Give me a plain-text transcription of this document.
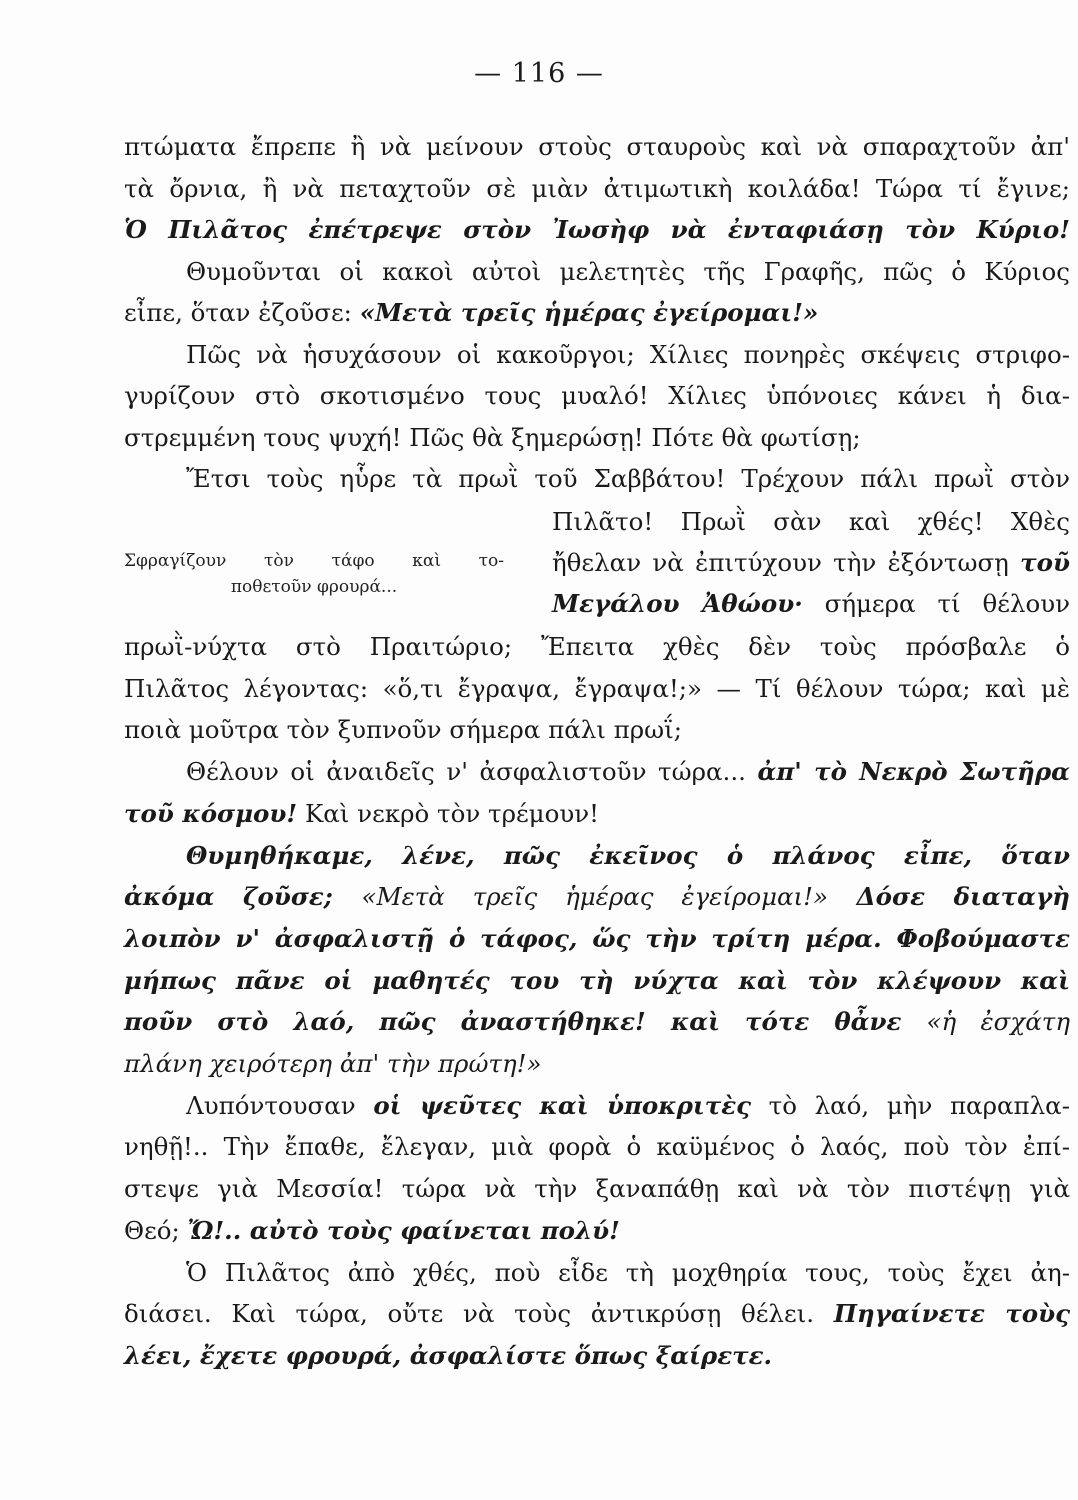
— 116 —
Σφραγίζουν τὸν τάφο καὶ το-
ποθετοῦν φρουρά...
πτώματα ἔπρεπε ἢ νὰ μείνουν στοὺς σταυροὺς καὶ νὰ σπαραχτοῦν ἀπ'
τὰ ὄρνια, ἢ νὰ πεταχτοῦν σὲ μιὰν ἀτιμωτικὴ κοιλάδα! Τώρα τί ἔγινε;
Ὁ Πιλᾶτος ἐπέτρεψε στὸν Ἰωσὴφ νὰ ἐνταφιάσῃ τὸν Κύριο!
Θυμοῦνται οἱ κακοὶ αὐτοὶ μελετητὲς τῆς Γραφῆς, πῶς ὁ Κύριος
εἶπε, ὅταν ἐζοῦσε: «Μετὰ τρεῖς ἡμέρας ἐγείρομαι!»
Πῶς νὰ ἡσυχάσουν οἱ κακοῦργοι; Χίλιες πονηρὲς σκέψεις στριφο-
γυρίζουν στὸ σκοτισμένο τους μυαλό! Χίλιες ὑπόνοιες κάνει ἡ δια-
στρεμμένη τους ψυχή! Πῶς θὰ ξημερώσῃ! Πότε θὰ φωτίσῃ;
Ἔτσι τοὺς ηὗρε τὰ πρωῒ τοῦ Σαββάτου! Τρέχουν πάλι πρωῒ στὸν
Πιλᾶτο! Πρωῒ σὰν καὶ χθές! Χθὲς
ἤθελαν νὰ ἐπιτύχουν τὴν ἐξόντωσῃ τοῦ
Μεγάλου Ἀθώου· σήμερα τί θέλουν
πρωῒ-νύχτα στὸ Πραιτώριο; Ἔπειτα χθὲς δὲν τοὺς πρόσβαλε ὁ
Πιλᾶτος λέγοντας: «ὅ,τι ἔγραψα, ἔγραψα!;» — Τί θέλουν τώρα; καὶ μὲ
ποιὰ μοῦτρα τὸν ξυπνοῦν σήμερα πάλι πρωΐ;
Θέλουν οἱ ἀναιδεῖς ν' ἀσφαλιστοῦν τώρα... ἀπ' τὸ Νεκρὸ Σωτῆρα
τοῦ κόσμου! Καὶ νεκρὸ τὸν τρέμουν!
Θυμηθήκαμε, λένε, πῶς ἐκεῖνος ὁ πλάνος εἶπε, ὅταν
ἀκόμα ζοῦσε; «Μετὰ τρεῖς ἡμέρας ἐγείρομαι!» Δόσε διαταγὴ
λοιπὸν ν' ἀσφαλιστῇ ὁ τάφος, ὥς τὴν τρίτη μέρα. Φοβούμαστε
μήπως πᾶνε οἱ μαθητές του τὴ νύχτα καὶ τὸν κλέψουν καὶ
ποῦν στὸ λαό, πῶς ἀναστήθηκε! καὶ τότε θἆνε «ἡ ἐσχάτη
πλάνη χειρότερη ἀπ' τὴν πρώτη!»
Λυπόντουσαν οἱ ψεῦτες καὶ ὑποκριτὲς τὸ λαό, μὴν παραπλα-
νηθῇ!.. Τὴν ἔπαθε, ἔλεγαν, μιὰ φορὰ ὁ καϋμένος ὁ λαός, ποὺ τὸν ἐπί-
στεψε γιὰ Μεσσία! τώρα νὰ τὴν ξαναπάθῃ καὶ νὰ τὸν πιστέψῃ γιὰ
Θεό; Ὤ!.. αὐτὸ τοὺς φαίνεται πολύ!
Ὁ Πιλᾶτος ἀπὸ χθές, ποὺ εἶδε τὴ μοχθηρία τους, τοὺς ἔχει ἀη-
διάσει. Καὶ τώρα, οὔτε νὰ τοὺς ἀντικρύσῃ θέλει. Πηγαίνετε τοὺς
λέει, ἔχετε φρουρά, ἀσφαλίστε ὅπως ξαίρετε.
